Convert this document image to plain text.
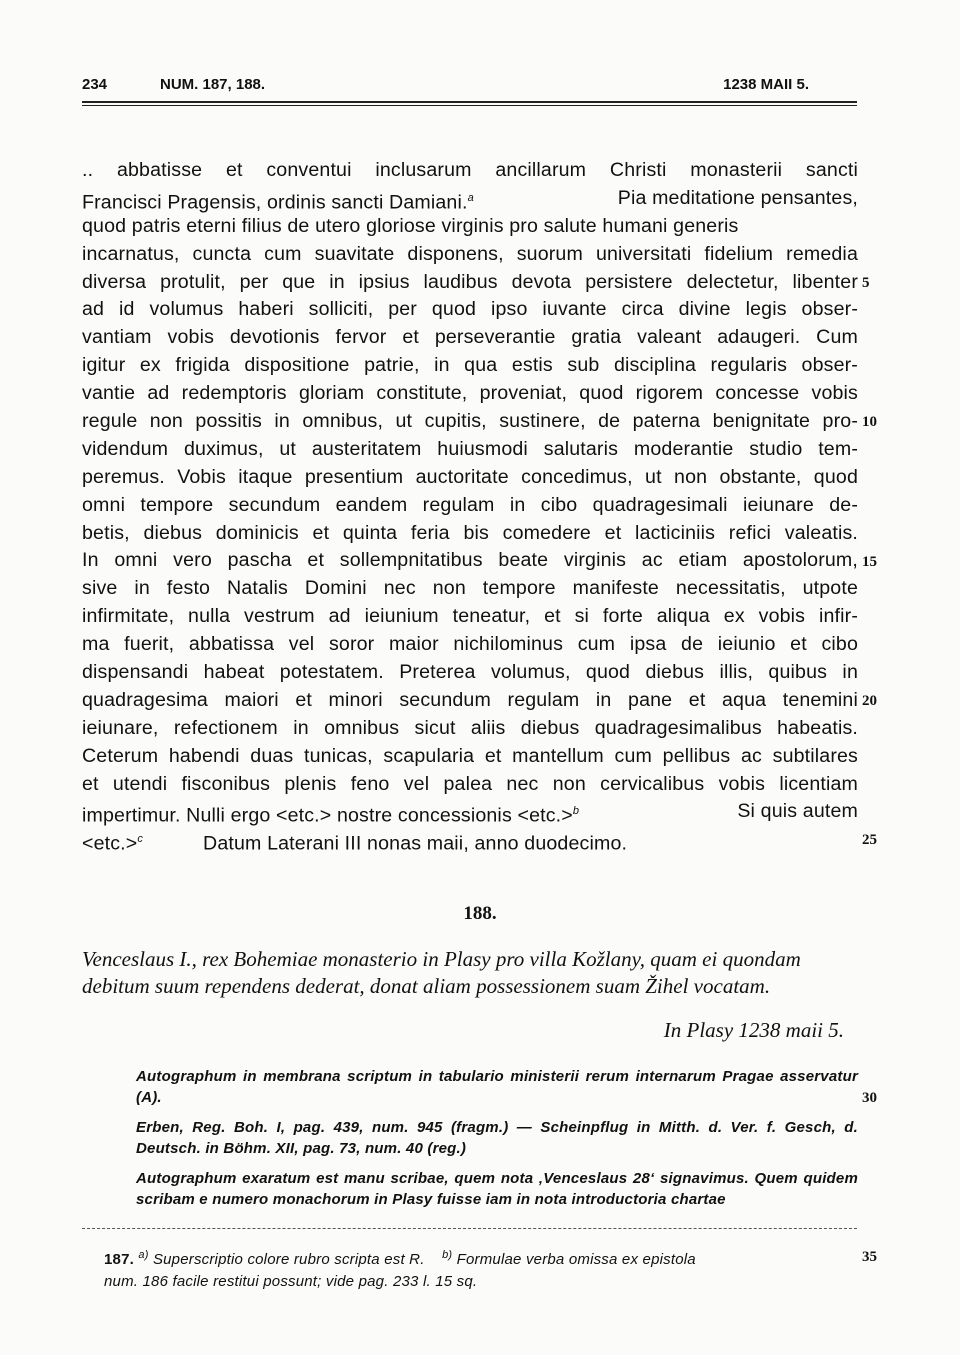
234	NUM. 187, 188.	1238 MAII 5.
.. abbatisse et conventui inclusarum ancillarum Christi monasterii sancti
Francisci Pragensis, ordinis sancti Damiani.$^a$	Pia meditatione pensantes,
quod patris eterni filius de utero gloriose virginis pro salute humani generis
incarnatus, cuncta cum suavitate disponens, suorum universitati fidelium remedia
diversa protulit, per que in ipsius laudibus devota persistere delectetur, libenter
ad id volumus haberi solliciti, per quod ipso iuvante circa divine legis obser-
vantiam vobis devotionis fervor et perseverantie gratia valeant adaugeri. Cum
igitur ex frigida dispositione patrie, in qua estis sub disciplina regularis obser-
vantie ad redemptoris gloriam constitute, proveniat, quod rigorem concesse vobis
regule non possitis in omnibus, ut cupitis, sustinere, de paterna benignitate pro-
videndum duximus, ut austeritatem huiusmodi salutaris moderantie studio tem-
peremus. Vobis itaque presentium auctoritate concedimus, ut non obstante, quod
omni tempore secundum eandem regulam in cibo quadragesimali ieiunare de-
betis, diebus dominicis et quinta feria bis comedere et lacticiniis refici valeatis.
In omni vero pascha et sollempnitatibus beate virginis ac etiam apostolorum,
sive in festo Natalis Domini nec non tempore manifeste necessitatis, utpote
infirmitate, nulla vestrum ad ieiunium teneatur, et si forte aliqua ex vobis infir-
ma fuerit, abbatissa vel soror maior nichilominus cum ipsa de ieiunio et cibo
dispensandi habeat potestatem. Preterea volumus, quod diebus illis, quibus in
quadragesima maiori et minori secundum regulam in pane et aqua tenemini
ieiunare, refectionem in omnibus sicut aliis diebus quadragesimalibus habeatis.
Ceterum habendi duas tunicas, scapularia et mantellum cum pellibus ac subtilares
et utendi fisconibus plenis feno vel palea nec non cervicalibus vobis licentiam
impertimur. Nulli ergo <etc.> nostre concessionis <etc.>$^b$	Si quis autem
<etc.>$^c$	Datum Laterani III nonas maii, anno duodecimo.
5
10
15
20
25
30
35
188.
Venceslaus I., rex Bohemiae monasterio in Plasy pro villa Kožlany, quam ei quondam debitum suum rependens dederat, donat aliam possessionem suam Žihel vocatam.
In Plasy 1238 maii 5.

Autographum in membrana scriptum in tabulario ministerii rerum internarum Pragae asservatur (A).

Erben, Reg. Boh. I, pag. 439, num. 945 (fragm.) — Scheinpflug in Mitth. d. Ver. f. Gesch, d. Deutsch. in Böhm. XII, pag. 73, num. 40 (reg.)

Autographum exaratum est manu scribae, quem nota ‚Venceslaus 28‘ signavimus. Quem quidem scribam e numero monachorum in Plasy fuisse iam in nota introductoria chartae

187. $^{a)}$ Superscriptio colore rubro scripta est R. $^{b)}$ Formulae verba omissa ex epistola
num. 186 facile restitui possunt; vide pag. 233 l. 15 sq.
